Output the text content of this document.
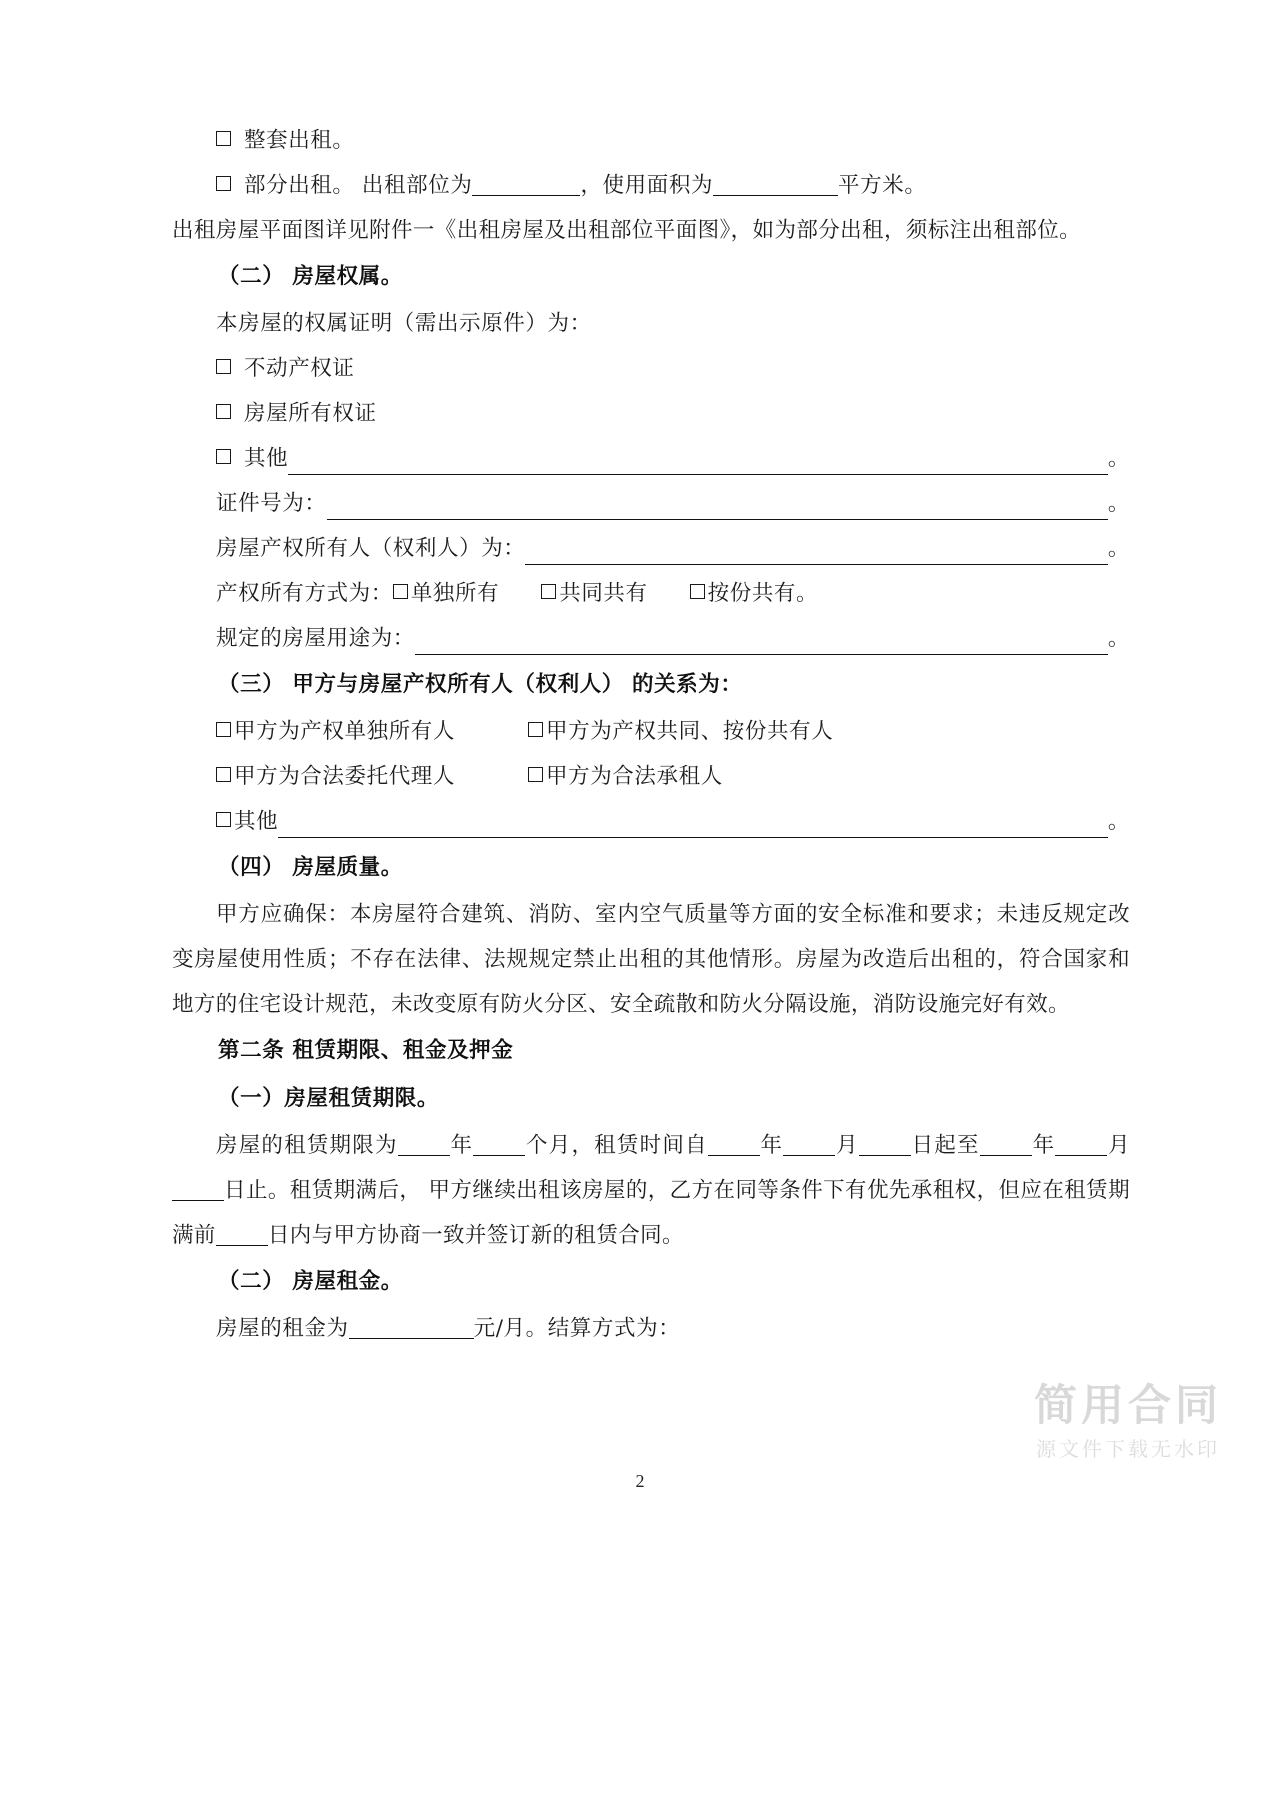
整套出租。
部分出租。 出租部位为	，使用面积为	平方米。
出租房屋平面图详见附件一《出租房屋及出租部位平面图》，如为部分出租，须标注出租部位。
（二） 房屋权属。
本房屋的权属证明（需出示原件）为：
不动产权证
房屋所有权证
其他	。
证件号为：	。
房屋产权所有人（权利人）为：	。
产权所有方式为： 单独所有	共同共有	按份共有。
规定的房屋用途为：	。
（三） 甲方与房屋产权所有人（权利人） 的关系为：
甲方为产权单独所有人	甲方为产权共同、按份共有人
甲方为合法委托代理人	甲方为合法承租人
其他	。
（四） 房屋质量。
甲方应确保：本房屋符合建筑、消防、室内空气质量等方面的安全标准和要求；未违反规定改变房屋使用性质；不存在法律、法规规定禁止出租的其他情形。房屋为改造后出租的，符合国家和地方的住宅设计规范，未改变原有防火分区、安全疏散和防火分隔设施，消防设施完好有效。
第二条 租赁期限、租金及押金
（一）房屋租赁期限。
房屋的租赁期限为 年 个月，租赁时间自 年 月 日起至 年 月日止。租赁期满后， 甲方继续出租该房屋的，乙方在同等条件下有优先承租权，但应在租赁期满前 日内与甲方协商一致并签订新的租赁合同。
（二） 房屋租金。
房屋的租金为	元/月。结算方式为：
简用合同
源文件下载无水印
2
